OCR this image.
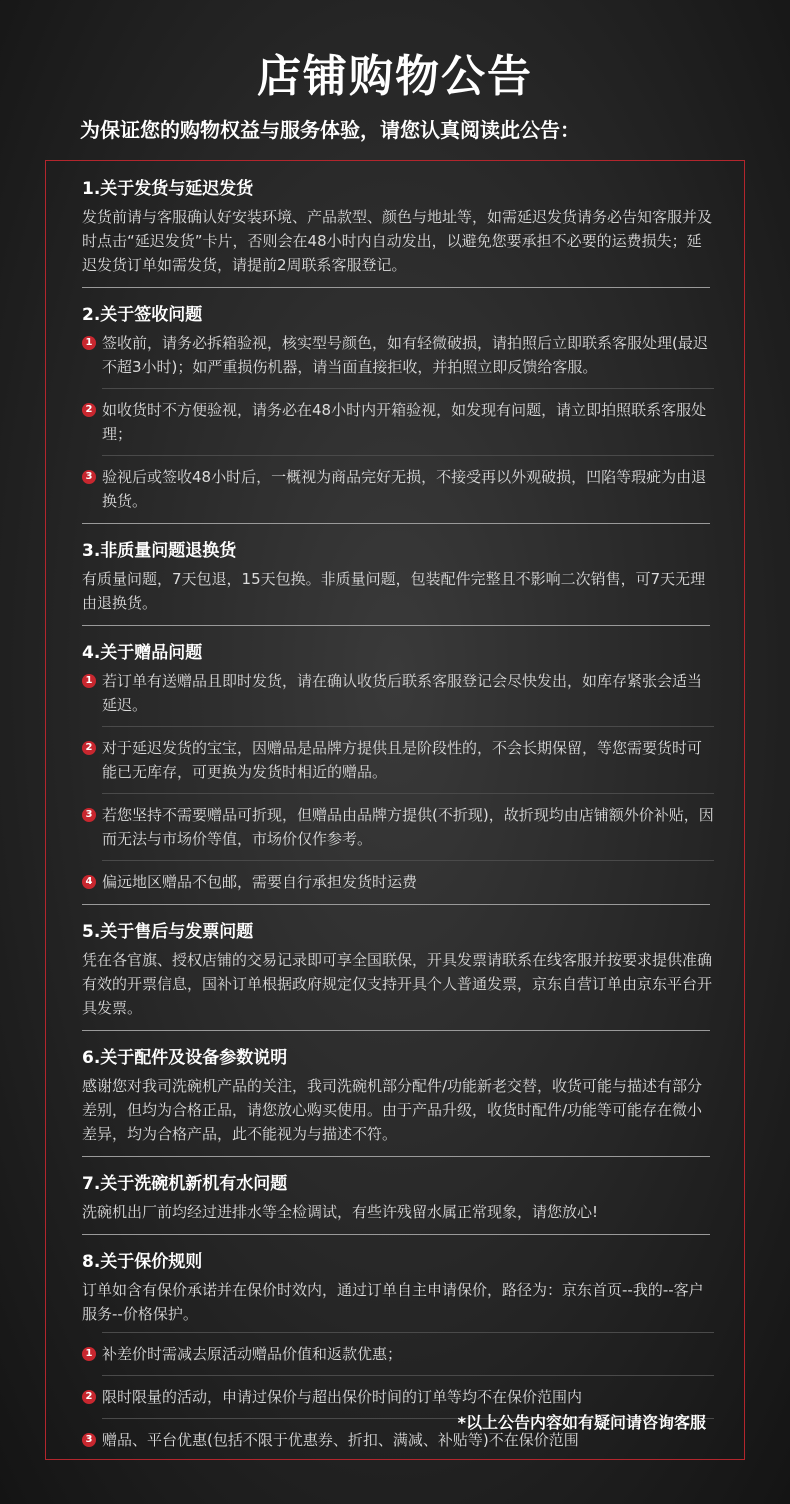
店铺购物公告
为保证您的购物权益与服务体验，请您认真阅读此公告：
1.关于发货与延迟发货

发货前请与客服确认好安装环境、产品款型、颜色与地址等，如需延迟发货请务必告知客服并及时点击“延迟发货”卡片，否则会在48小时内自动发出，以避免您要承担不必要的运费损失；延迟发货订单如需发货，请提前2周联系客服登记。

2.关于签收问题
1 签收前，请务必拆箱验视，核实型号颜色，如有轻微破损，请拍照后立即联系客服处理(最迟不超3小时)；如严重损伤机器，请当面直接拒收，并拍照立即反馈给客服。

2 如收货时不方便验视，请务必在48小时内开箱验视，如发现有问题，请立即拍照联系客服处理；

3 验视后或签收48小时后，一概视为商品完好无损，不接受再以外观破损，凹陷等瑕疵为由退换货。

3.非质量问题退换货

有质量问题，7天包退，15天包换。非质量问题，包装配件完整且不影响二次销售，可7天无理由退换货。

4.关于赠品问题
1 若订单有送赠品且即时发货，请在确认收货后联系客服登记会尽快发出，如库存紧张会适当延迟。

2 对于延迟发货的宝宝，因赠品是品牌方提供且是阶段性的，不会长期保留，等您需要货时可能已无库存，可更换为发货时相近的赠品。

3 若您坚持不需要赠品可折现，但赠品由品牌方提供(不折现)，故折现均由店铺额外价补贴，因而无法与市场价等值，市场价仅作参考。

4 偏远地区赠品不包邮，需要自行承担发货时运费

5.关于售后与发票问题

凭在各官旗、授权店铺的交易记录即可享全国联保，开具发票请联系在线客服并按要求提供准确有效的开票信息，国补订单根据政府规定仅支持开具个人普通发票，京东自营订单由京东平台开具发票。

6.关于配件及设备参数说明

感谢您对我司洗碗机产品的关注，我司洗碗机部分配件/功能新老交替，收货可能与描述有部分差别，但均为合格正品，请您放心购买使用。由于产品升级，收货时配件/功能等可能存在微小差异，均为合格产品，此不能视为与描述不符。

7.关于洗碗机新机有水问题

洗碗机出厂前均经过进排水等全检调试，有些许残留水属正常现象，请您放心!

8.关于保价规则

订单如含有保价承诺并在保价时效内，通过订单自主申请保价，路径为：京东首页--我的--客户服务--价格保护。

1 补差价时需减去原活动赠品价值和返款优惠；

2 限时限量的活动，申请过保价与超出保价时间的订单等均不在保价范围内

3 赠品、平台优惠(包括不限于优惠券、折扣、满减、补贴等)不在保价范围

*以上公告内容如有疑问请咨询客服
